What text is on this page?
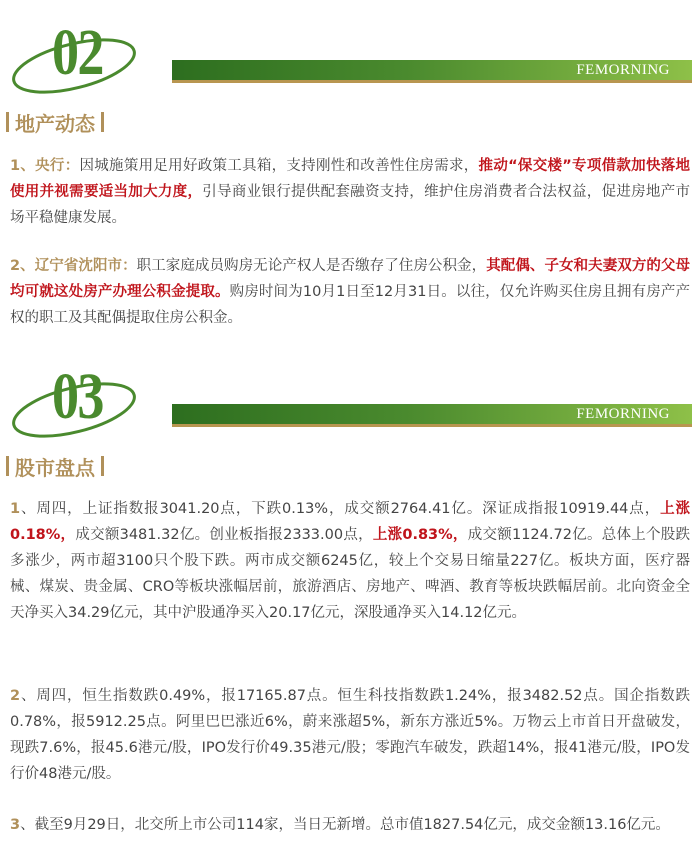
02	FEMORNING
地产动态
1、央行：因城施策用足用好政策工具箱，支持刚性和改善性住房需求，推动“保交楼”专项借款加快落地使用并视需要适当加大力度，引导商业银行提供配套融资支持，维护住房消费者合法权益，促进房地产市场平稳健康发展。
2、辽宁省沈阳市：职工家庭成员购房无论产权人是否缴存了住房公积金，其配偶、子女和夫妻双方的父母均可就这处房产办理公积金提取。购房时间为10月1日至12月31日。以往，仅允许购买住房且拥有房产产权的职工及其配偶提取住房公积金。
03	FEMORNING
股市盘点
1、周四，上证指数报3041.20点，下跌0.13%，成交额2764.41亿。深证成指报10919.44点，上涨0.18%，成交额3481.32亿。创业板指报2333.00点，上涨0.83%，成交额1124.72亿。总体上个股跌多涨少，两市超3100只个股下跌。两市成交额6245亿，较上个交易日缩量227亿。板块方面，医疗器械、煤炭、贵金属、CRO等板块涨幅居前，旅游酒店、房地产、啤酒、教育等板块跌幅居前。北向资金全天净买入34.29亿元，其中沪股通净买入20.17亿元，深股通净买入14.12亿元。
2、周四，恒生指数跌0.49%，报17165.87点。恒生科技指数跌1.24%，报3482.52点。国企指数跌0.78%，报5912.25点。阿里巴巴涨近6%，蔚来涨超5%，新东方涨近5%。万物云上市首日开盘破发，现跌7.6%，报45.6港元/股，IPO发行价49.35港元/股；零跑汽车破发，跌超14%，报41港元/股，IPO发行价48港元/股。
3、截至9月29日，北交所上市公司114家，当日无新增。总市值1827.54亿元，成交金额13.16亿元。
